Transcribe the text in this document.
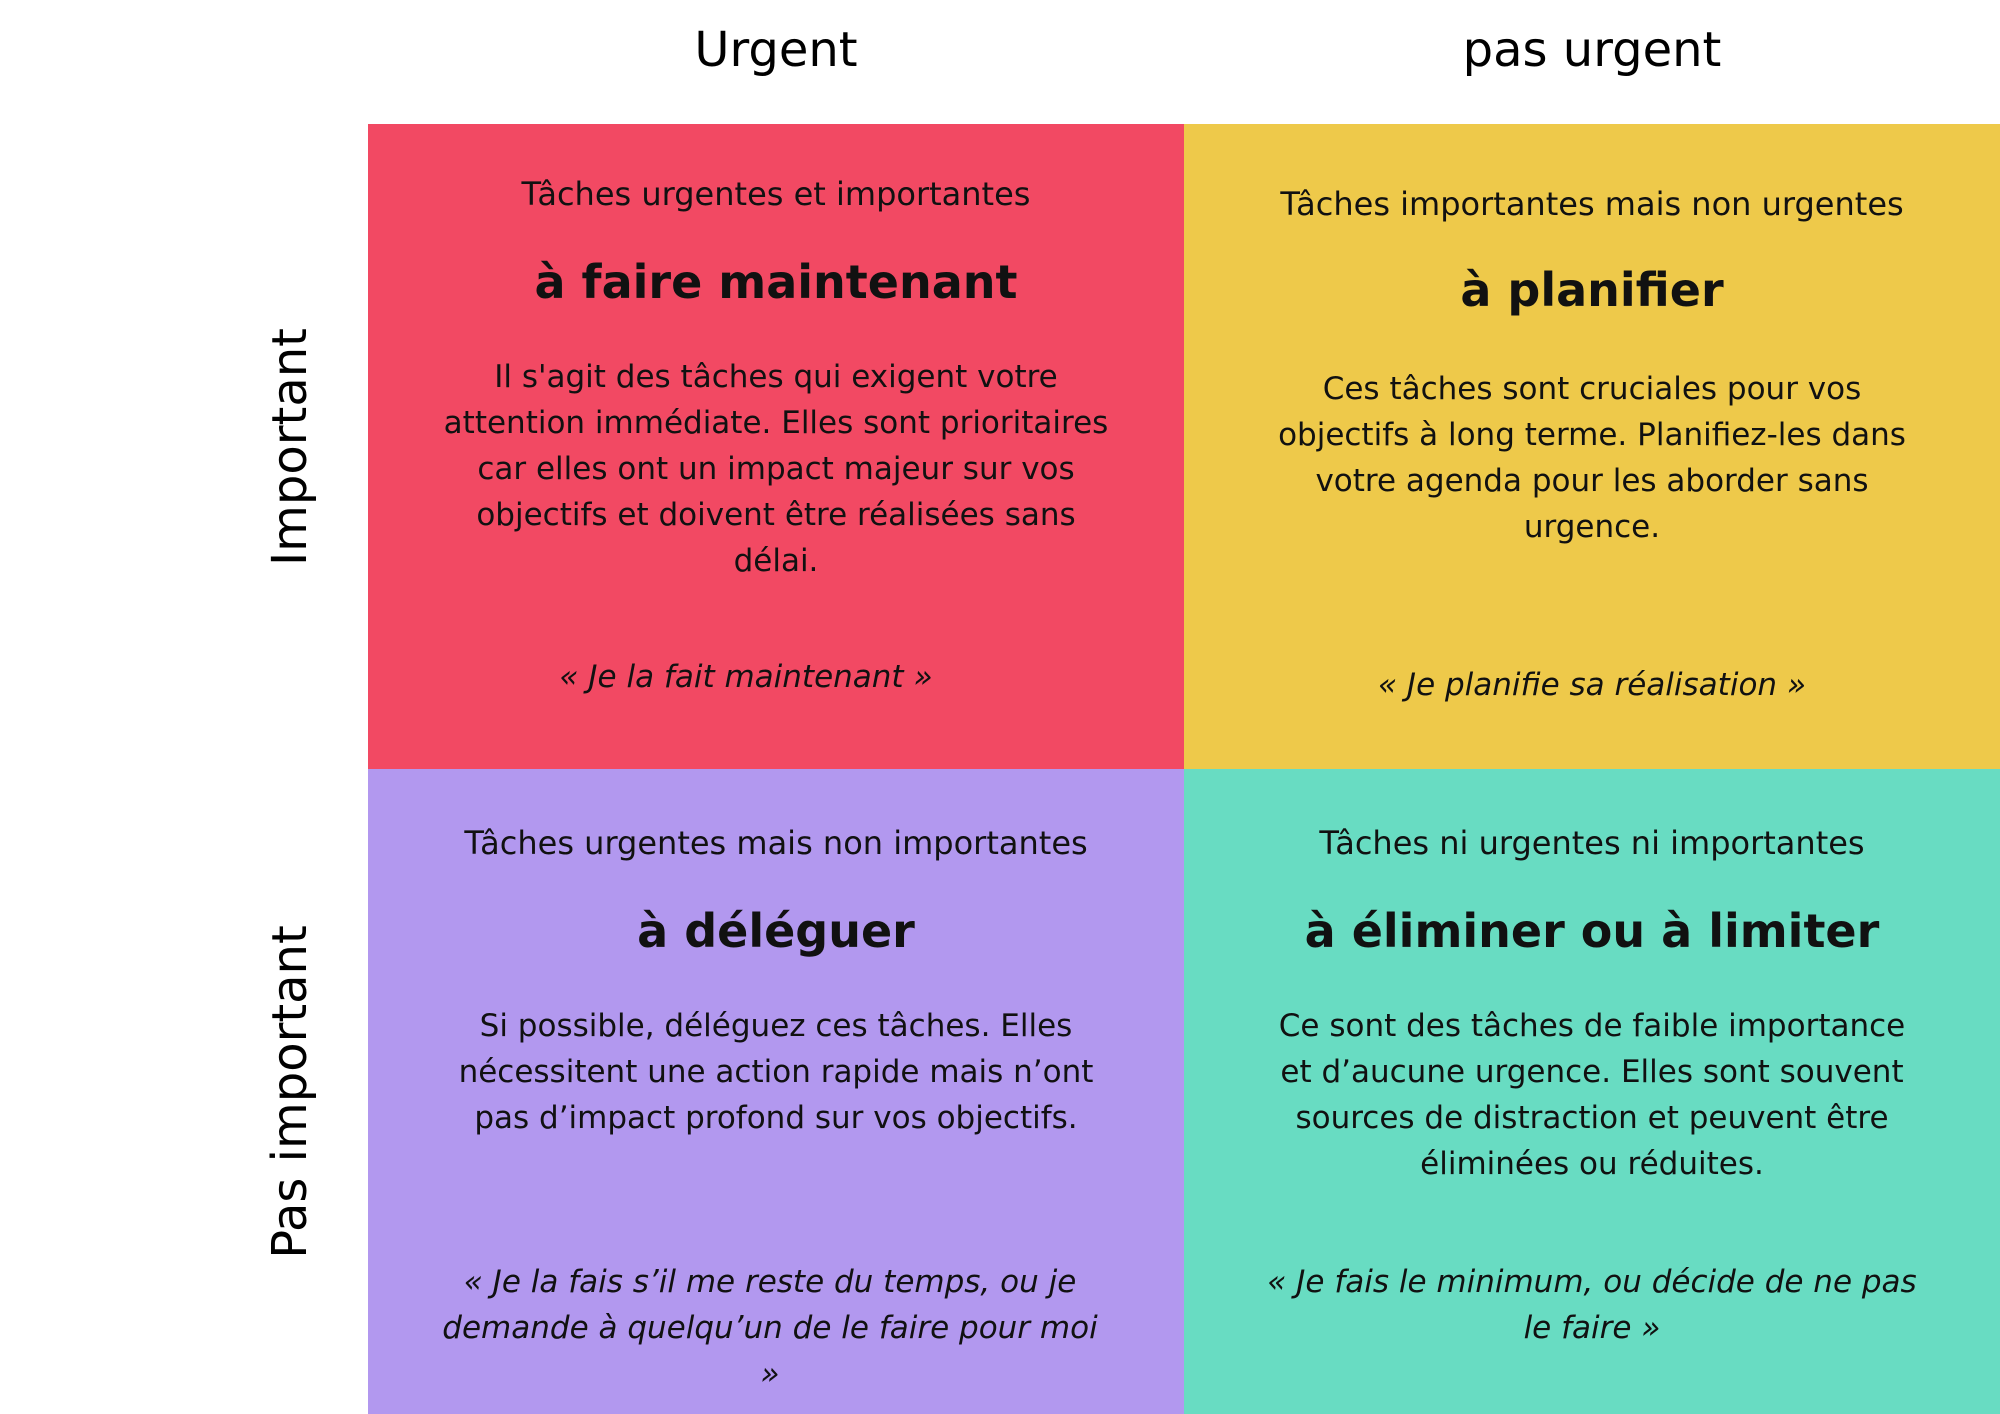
Urgent	pas urgent
Important
Pas important
Tâches urgentes et importantes
à faire maintenant
Il s'agit des tâches qui exigent votre attention immédiate. Elles sont prioritaires car elles ont un impact majeur sur vos objectifs et doivent être réalisées sans délai.
« Je la fait maintenant »
Tâches importantes mais non urgentes
à planifier
Ces tâches sont cruciales pour vos objectifs à long terme. Planifiez-les dans votre agenda pour les aborder sans urgence.
« Je planifie sa réalisation »
Tâches urgentes mais non importantes
à déléguer
Si possible, déléguez ces tâches. Elles nécessitent une action rapide mais n’ont pas d’impact profond sur vos objectifs.
« Je la fais s’il me reste du temps, ou je demande à quelqu’un de le faire pour moi »
Tâches ni urgentes ni importantes
à éliminer ou à limiter
Ce sont des tâches de faible importance et d’aucune urgence. Elles sont souvent sources de distraction et peuvent être éliminées ou réduites.
« Je fais le minimum, ou décide de ne pas le faire »
